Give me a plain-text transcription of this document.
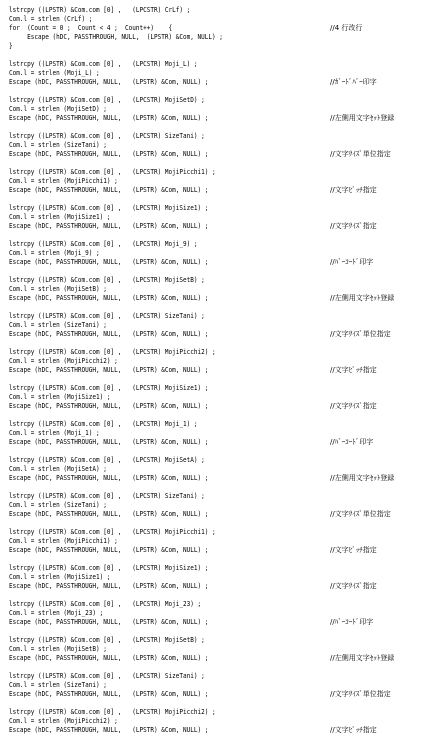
lstrcpy ((LPSTR) &Com.com [0] ,   (LPCSTR) CrLf) ;
Com.l = strlen (CrLf) ;
for  (Count = 0 ;  Count < 4 ;  Count++)    {	//4 行改行
Escape (hDC, PASSTHROUGH, NULL,  (LPSTR) &Com, NULL) ;
}
lstrcpy ((LPSTR) &Com.com [0] ,   (LPCSTR) Moji_L) ;
Com.l = strlen (Moji_L) ;
Escape (hDC, PASSTHROUGH, NULL,   (LPSTR) &Com, NULL) ;	//ｶﾞｰﾄﾞﾊﾞｰ印字
lstrcpy ((LPSTR) &Com.com [0] ,   (LPCSTR) MojiSetD) ;
Com.l = strlen (MojiSetD) ;
Escape (hDC, PASSTHROUGH, NULL,   (LPSTR) &Com, NULL) ;	//左側用文字ｾｯﾄ登録
lstrcpy ((LPSTR) &Com.com [0] ,   (LPCSTR) SizeTani) ;
Com.l = strlen (SizeTani) ;
Escape (hDC, PASSTHROUGH, NULL,   (LPSTR) &Com, NULL) ;	//文字ｻｲｽﾞ単位指定
lstrcpy ((LPSTR) &Com.com [0] ,   (LPCSTR) MojiPicchi1) ;
Com.l = strlen (MojiPicchi1) ;
Escape (hDC, PASSTHROUGH, NULL,   (LPSTR) &Com, NULL) ;	//文字ﾋﾟｯﾁ指定
lstrcpy ((LPSTR) &Com.com [0] ,   (LPCSTR) MojiSize1) ;
Com.l = strlen (MojiSize1) ;
Escape (hDC, PASSTHROUGH, NULL,   (LPSTR) &Com, NULL) ;	//文字ｻｲｽﾞ指定
lstrcpy ((LPSTR) &Com.com [0] ,   (LPCSTR) Moji_9) ;
Com.l = strlen (Moji_9) ;
Escape (hDC, PASSTHROUGH, NULL,   (LPSTR) &Com, NULL) ;	//ﾊﾞｰｺｰﾄﾞ印字
lstrcpy ((LPSTR) &Com.com [0] ,   (LPCSTR) MojiSetB) ;
Com.l = strlen (MojiSetB) ;
Escape (hDC, PASSTHROUGH, NULL,   (LPSTR) &Com, NULL) ;	//左側用文字ｾｯﾄ登録
lstrcpy ((LPSTR) &Com.com [0] ,   (LPCSTR) SizeTani) ;
Com.l = strlen (SizeTani) ;
Escape (hDC, PASSTHROUGH, NULL,   (LPSTR) &Com, NULL) ;	//文字ｻｲｽﾞ単位指定
lstrcpy ((LPSTR) &Com.com [0] ,   (LPCSTR) MojiPicchi2) ;
Com.l = strlen (MojiPicchi2) ;
Escape (hDC, PASSTHROUGH, NULL,   (LPSTR) &Com, NULL) ;	//文字ﾋﾟｯﾁ指定
lstrcpy ((LPSTR) &Com.com [0] ,   (LPCSTR) MojiSize1) ;
Com.l = strlen (MojiSize1) ;
Escape (hDC, PASSTHROUGH, NULL,   (LPSTR) &Com, NULL) ;	//文字ｻｲｽﾞ指定
lstrcpy ((LPSTR) &Com.com [0] ,   (LPCSTR) Moji_1) ;
Com.l = strlen (Moji_1) ;
Escape (hDC, PASSTHROUGH, NULL,   (LPSTR) &Com, NULL) ;	//ﾊﾞｰｺｰﾄﾞ印字
lstrcpy ((LPSTR) &Com.com [0] ,   (LPCSTR) MojiSetA) ;
Com.l = strlen (MojiSetA) ;
Escape (hDC, PASSTHROUGH, NULL,   (LPSTR) &Com, NULL) ;	//左側用文字ｾｯﾄ登録
lstrcpy ((LPSTR) &Com.com [0] ,   (LPCSTR) SizeTani) ;
Com.l = strlen (SizeTani) ;
Escape (hDC, PASSTHROUGH, NULL,   (LPSTR) &Com, NULL) ;	//文字ｻｲｽﾞ単位指定
lstrcpy ((LPSTR) &Com.com [0] ,   (LPCSTR) MojiPicchi1) ;
Com.l = strlen (MojiPicchi1) ;
Escape (hDC, PASSTHROUGH, NULL,   (LPSTR) &Com, NULL) ;	//文字ﾋﾟｯﾁ指定
lstrcpy ((LPSTR) &Com.com [0] ,   (LPCSTR) MojiSize1) ;
Com.l = strlen (MojiSize1) ;
Escape (hDC, PASSTHROUGH, NULL,   (LPSTR) &Com, NULL) ;	//文字ｻｲｽﾞ指定
lstrcpy ((LPSTR) &Com.com [0] ,   (LPCSTR) Moji_23) ;
Com.l = strlen (Moji_23) ;
Escape (hDC, PASSTHROUGH, NULL,   (LPSTR) &Com, NULL) ;	//ﾊﾞｰｺｰﾄﾞ印字
lstrcpy ((LPSTR) &Com.com [0] ,   (LPCSTR) MojiSetB) ;
Com.l = strlen (MojiSetB) ;
Escape (hDC, PASSTHROUGH, NULL,   (LPSTR) &Com, NULL) ;	//左側用文字ｾｯﾄ登録
lstrcpy ((LPSTR) &Com.com [0] ,   (LPCSTR) SizeTani) ;
Com.l = strlen (SizeTani) ;
Escape (hDC, PASSTHROUGH, NULL,   (LPSTR) &Com, NULL) ;	//文字ｻｲｽﾞ単位指定
lstrcpy ((LPSTR) &Com.com [0] ,   (LPCSTR) MojiPicchi2) ;
Com.l = strlen (MojiPicchi2) ;
Escape (hDC, PASSTHROUGH, NULL,   (LPSTR) &Com, NULL) ;	//文字ﾋﾟｯﾁ指定
